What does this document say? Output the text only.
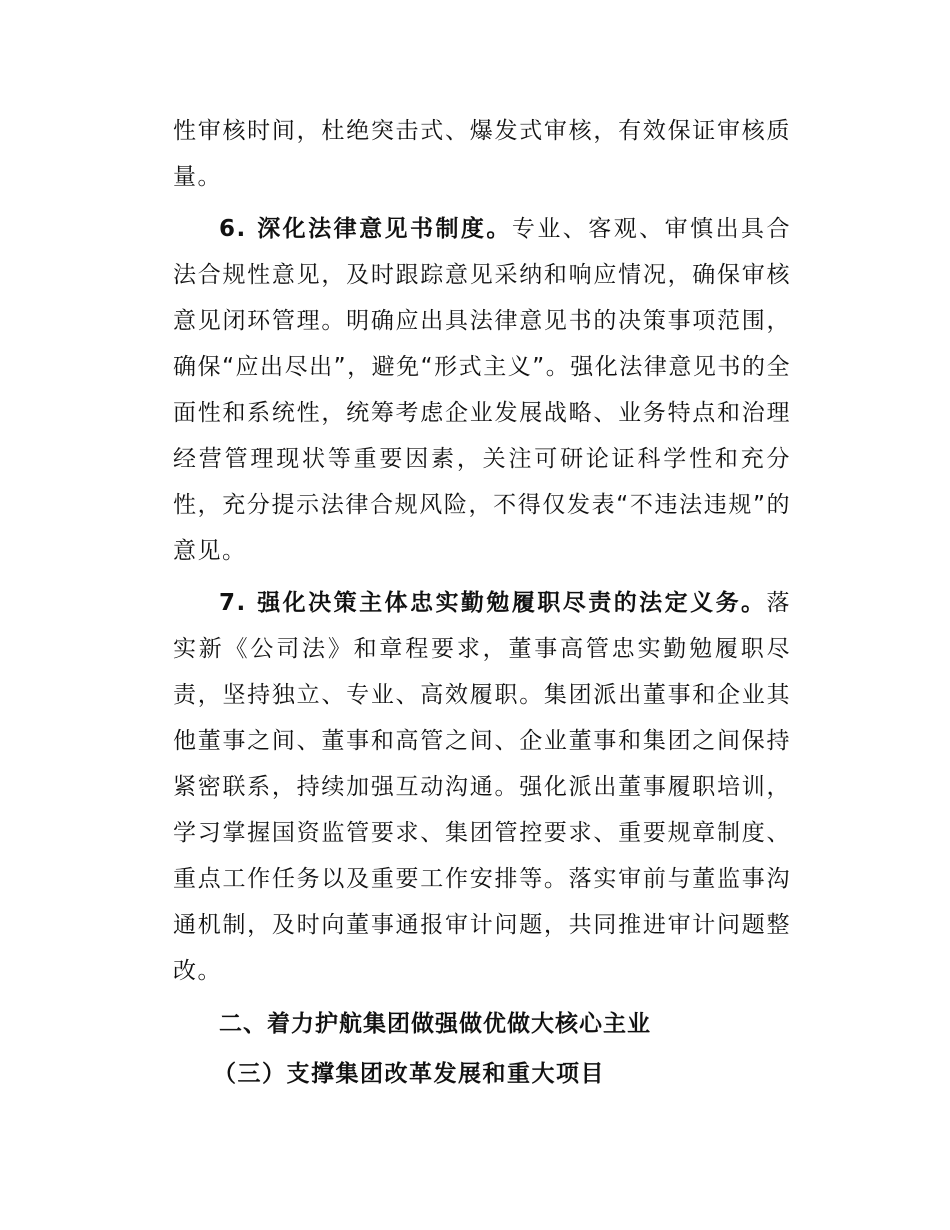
性审核时间，杜绝突击式、爆发式审核，有效保证审核质量。

6. 深化法律意见书制度。专业、客观、审慎出具合法合规性意见，及时跟踪意见采纳和响应情况，确保审核意见闭环管理。明确应出具法律意见书的决策事项范围，确保“应出尽出”，避免“形式主义”。强化法律意见书的全面性和系统性，统筹考虑企业发展战略、业务特点和治理经营管理现状等重要因素，关注可研论证科学性和充分性，充分提示法律合规风险，不得仅发表“不违法违规”的意见。

7. 强化决策主体忠实勤勉履职尽责的法定义务。落实新《公司法》和章程要求，董事高管忠实勤勉履职尽责，坚持独立、专业、高效履职。集团派出董事和企业其他董事之间、董事和高管之间、企业董事和集团之间保持紧密联系，持续加强互动沟通。强化派出董事履职培训，学习掌握国资监管要求、集团管控要求、重要规章制度、重点工作任务以及重要工作安排等。落实审前与董监事沟通机制，及时向董事通报审计问题，共同推进审计问题整改。

二、着力护航集团做强做优做大核心主业
（三）支撑集团改革发展和重大项目
